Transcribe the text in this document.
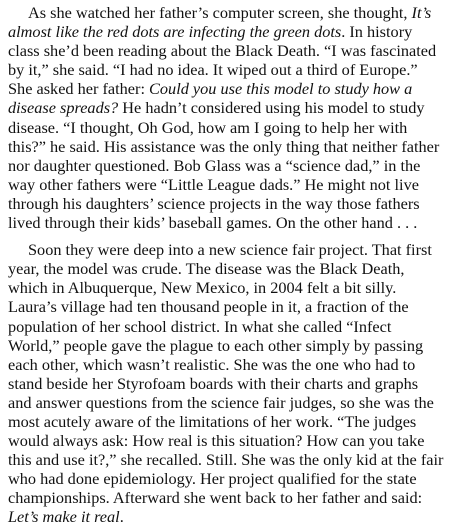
As she watched her father’s computer screen, she thought, It’s almost like the red dots are infecting the green dots. In history class she’d been reading about the Black Death. “I was fascinated by it,” she said. “I had no idea. It wiped out a third of Europe.” She asked her father: Could you use this model to study how a disease spreads? He hadn’t considered using his model to study disease. “I thought, Oh God, how am I going to help her with this?” he said. His assistance was the only thing that neither father nor daughter questioned. Bob Glass was a “science dad,” in the way other fathers were “Little League dads.” He might not live through his daughters’ science projects in the way those fathers lived through their kids’ baseball games. On the other hand . . .

Soon they were deep into a new science fair project. That first year, the model was crude. The disease was the Black Death, which in Albuquerque, New Mexico, in 2004 felt a bit silly. Laura’s village had ten thousand people in it, a fraction of the population of her school district. In what she called “Infect World,” people gave the plague to each other simply by passing each other, which wasn’t realistic. She was the one who had to stand beside her Styrofoam boards with their charts and graphs and answer questions from the science fair judges, so she was the most acutely aware of the limitations of her work. “The judges would always ask: How real is this situation? How can you take this and use it?,” she recalled. Still. She was the only kid at the fair who had done epidemiology. Her project qualified for the state championships. Afterward she went back to her father and said: Let’s make it real.
